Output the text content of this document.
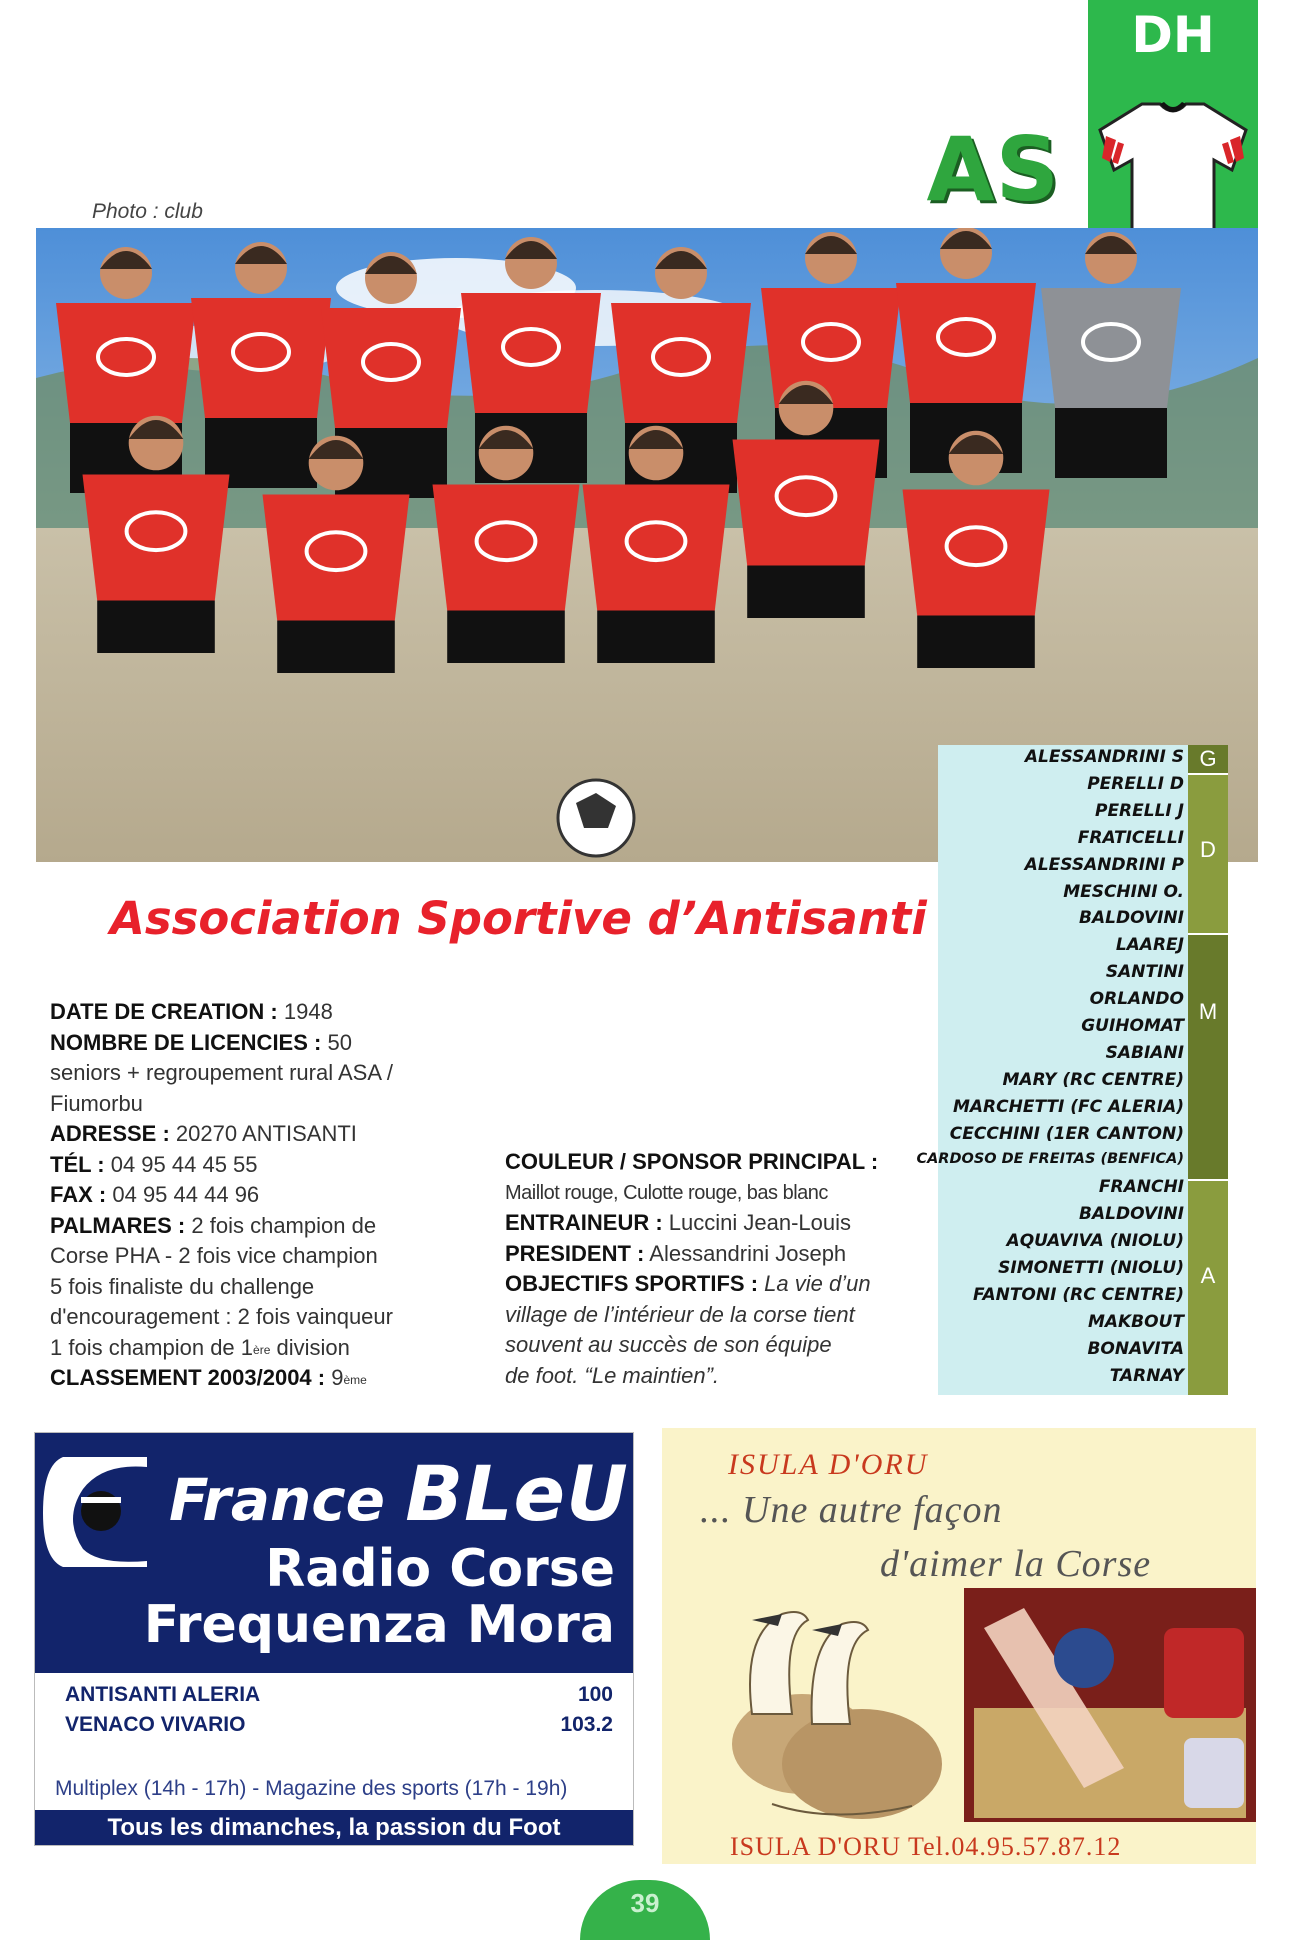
DH
AS
Photo : club
G
D
M
A
ALESSANDRINI S
PERELLI D
PERELLI J
FRATICELLI
ALESSANDRINI P
MESCHINI O.
BALDOVINI
LAAREJ
SANTINI
ORLANDO
GUIHOMAT
SABIANI
MARY (RC CENTRE)
MARCHETTI (FC ALERIA)
CECCHINI (1ER CANTON)
CARDOSO DE FREITAS (BENFICA)
FRANCHI
BALDOVINI
AQUAVIVA (NIOLU)
SIMONETTI (NIOLU)
FANTONI (RC CENTRE)
MAKBOUT
BONAVITA
TARNAY
Association Sportive d’Antisanti
DATE DE CREATION : 1948
NOMBRE DE LICENCIES : 50
seniors + regroupement rural ASA /
Fiumorbu
ADRESSE : 20270 ANTISANTI
TÉL : 04 95 44 45 55
FAX : 04 95 44 44 96
PALMARES : 2 fois champion de
Corse PHA - 2 fois vice champion
5 fois finaliste du challenge
d'encouragement : 2 fois vainqueur
1 fois champion de 1ère division
CLASSEMENT 2003/2004 : 9ème
COULEUR / SPONSOR PRINCIPAL :
Maillot rouge, Culotte rouge, bas blanc
ENTRAINEUR : Luccini Jean-Louis
PRESIDENT : Alessandrini Joseph
OBJECTIFS SPORTIFS : La vie d’un
village de l’intérieur de la corse tient
souvent au succès de son équipe
de foot. “Le maintien”.
France BLeU
Radio Corse
Frequenza Mora
ANTISANTI ALERIA	100
VENACO VIVARIO	103.2
Multiplex (14h - 17h) - Magazine des sports (17h - 19h)
Tous les dimanches, la passion du Foot
ISULA D'ORU
... Une autre façon
d'aimer la Corse
ISULA D'ORU Tel.04.95.57.87.12
39
